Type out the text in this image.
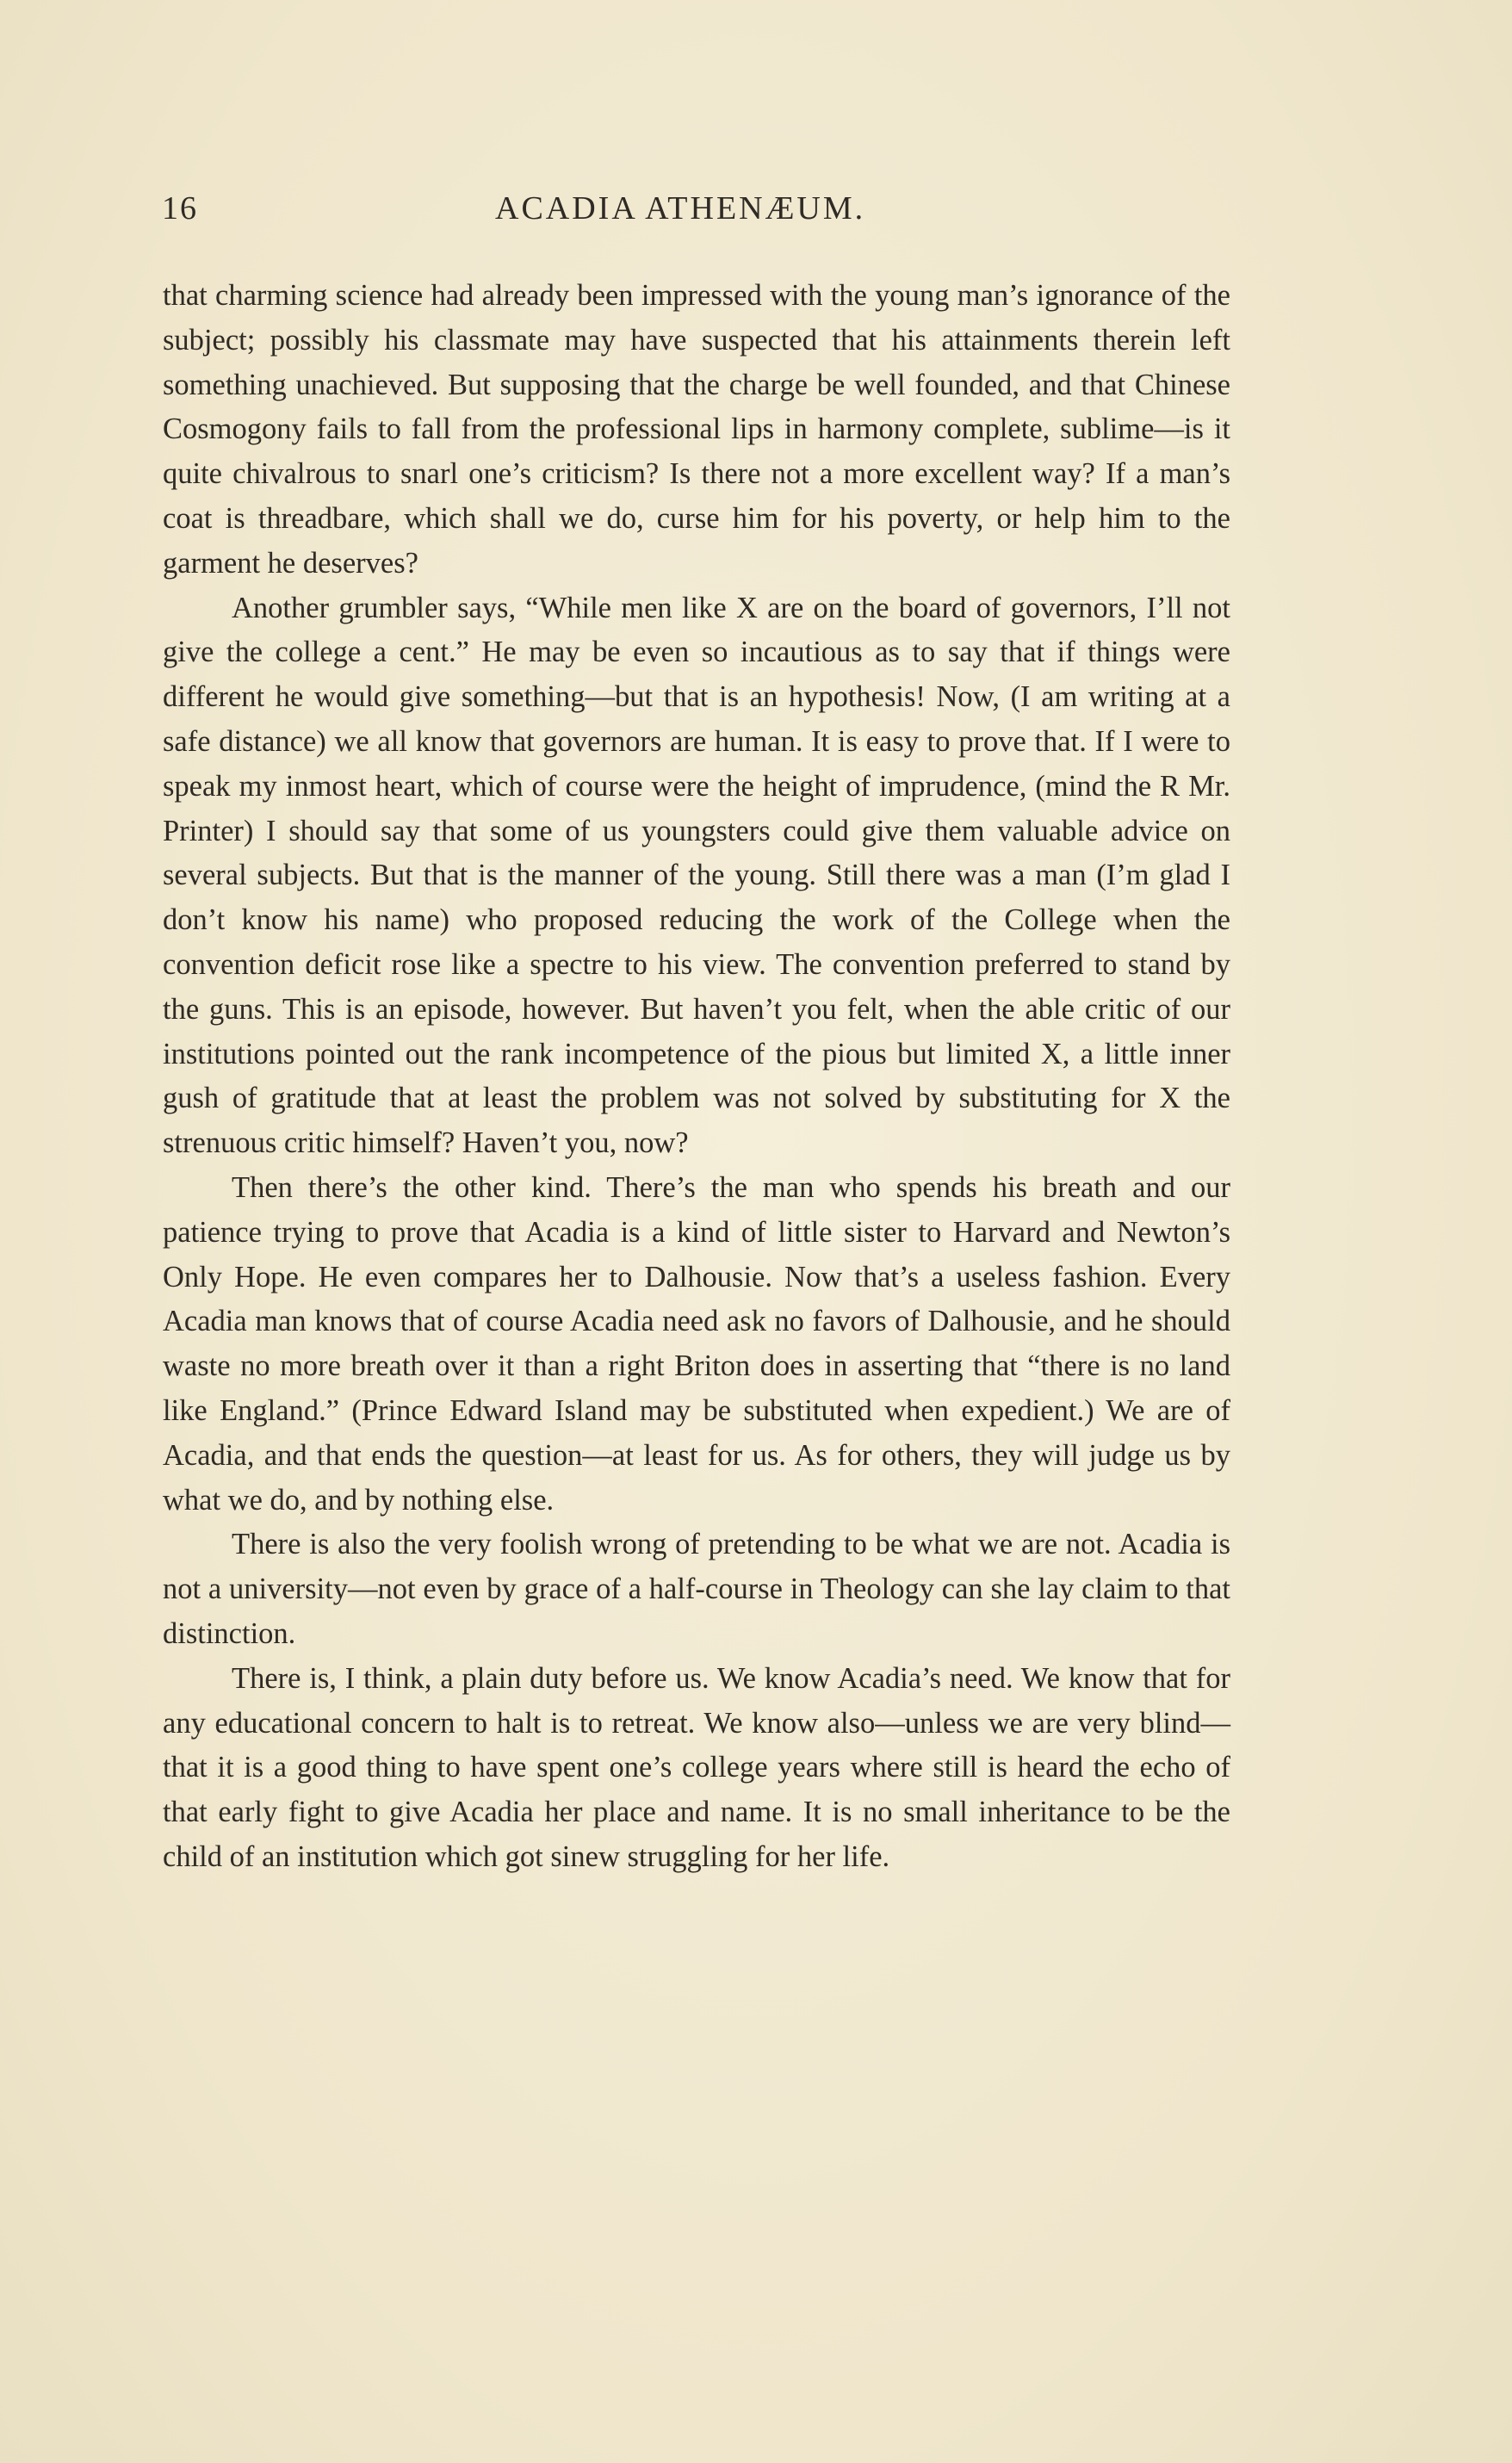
16	ACADIA ATHENÆUM.

that charming science had already been impressed with the young man’s ignorance of the subject; possibly his classmate may have suspected that his attainments therein left something unachieved. But supposing that the charge be well founded, and that Chinese Cosmogony fails to fall from the professional lips in harmony complete, sublime—is it quite chivalrous to snarl one’s criticism? Is there not a more excellent way? If a man’s coat is threadbare, which shall we do, curse him for his poverty, or help him to the garment he deserves?

Another grumbler says, “While men like X are on the board of governors, I’ll not give the college a cent.” He may be even so incautious as to say that if things were different he would give something—but that is an hypothesis! Now, (I am writing at a safe distance) we all know that governors are human. It is easy to prove that. If I were to speak my inmost heart, which of course were the height of imprudence, (mind the R Mr. Printer) I should say that some of us youngsters could give them valuable advice on several subjects. But that is the manner of the young. Still there was a man (I’m glad I don’t know his name) who proposed reducing the work of the College when the convention deficit rose like a spectre to his view. The convention preferred to stand by the guns. This is an episode, however. But haven’t you felt, when the able critic of our institutions pointed out the rank incompetence of the pious but limited X, a little inner gush of gratitude that at least the problem was not solved by substituting for X the strenuous critic himself? Haven’t you, now?

Then there’s the other kind. There’s the man who spends his breath and our patience trying to prove that Acadia is a kind of little sister to Harvard and Newton’s Only Hope. He even compares her to Dalhousie. Now that’s a useless fashion. Every Acadia man knows that of course Acadia need ask no favors of Dalhousie, and he should waste no more breath over it than a right Briton does in asserting that “there is no land like England.” (Prince Edward Island may be substituted when expedient.) We are of Acadia, and that ends the question—at least for us. As for others, they will judge us by what we do, and by nothing else.

There is also the very foolish wrong of pretending to be what we are not. Acadia is not a university—not even by grace of a half-course in Theology can she lay claim to that distinction.

There is, I think, a plain duty before us. We know Acadia’s need. We know that for any educational concern to halt is to retreat. We know also—unless we are very blind— that it is a good thing to have spent one’s college years where still is heard the echo of that early fight to give Acadia her place and name. It is no small inheritance to be the child of an institution which got sinew struggling for her life.
